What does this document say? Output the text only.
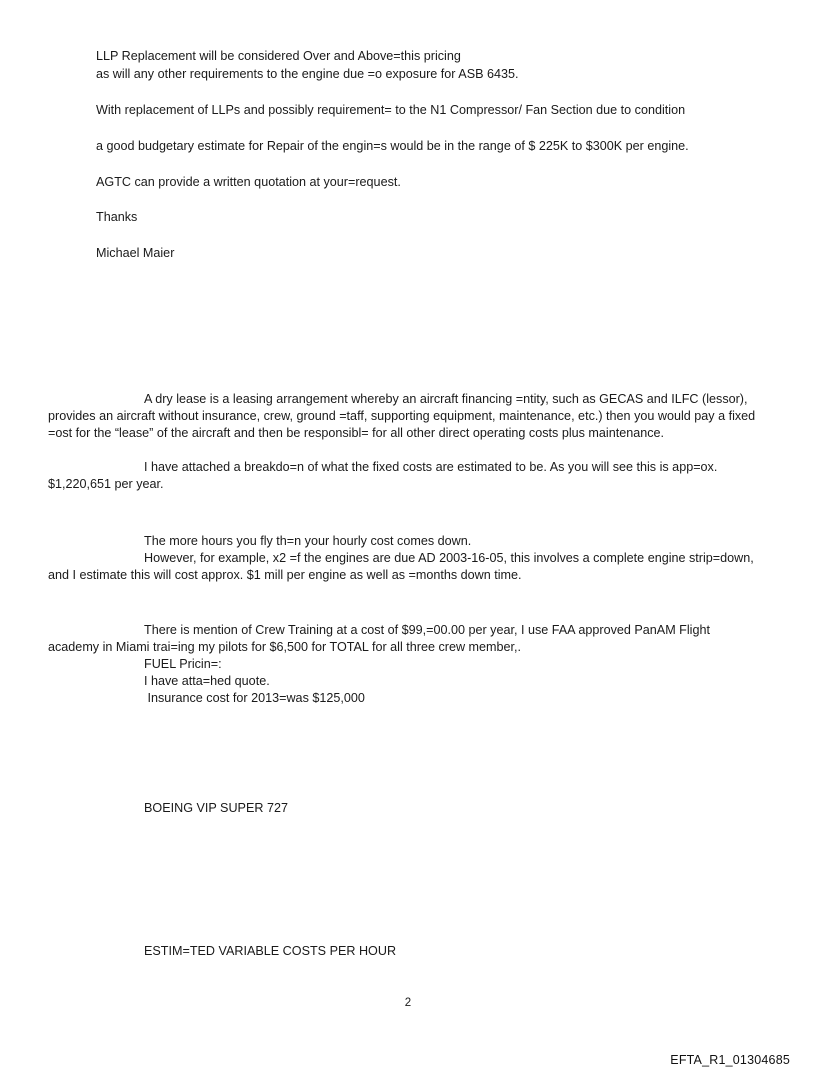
LLP Replacement will be considered Over and Above=this pricing
as will any other requirements to the engine due =o exposure for ASB 6435.
With replacement of LLPs and possibly requirement= to the N1 Compressor/ Fan Section due to condition
a good budgetary estimate for Repair of the engin=s would be in the range of $ 225K to $300K per engine.
AGTC can provide a written quotation at your=request.
Thanks
Michael Maier
A dry lease is a leasing arrangement whereby an aircraft financing =ntity, such as GECAS and ILFC (lessor), provides an aircraft without insurance, crew, ground =taff, supporting equipment, maintenance, etc.) then you would pay a fixed =ost for the “lease” of the aircraft and then be responsibl= for all other direct operating costs plus maintenance.
I have attached a breakdo=n of what the fixed costs are estimated to be. As you will see this is app=ox. $1,220,651 per year.
The more hours you fly th=n your hourly cost comes down.
However, for example, x2 =f the engines are due AD 2003-16-05, this involves a complete engine strip=down, and I estimate this will cost approx. $1 mill per engine as well as =months down time.
There is mention of Crew Training at a cost of $99,=00.00 per year, I use FAA approved PanAM Flight academy in Miami trai=ing my pilots for $6,500 for TOTAL for all three crew member,.
FUEL Pricin=:
I have atta=hed quote.
Insurance cost for 2013=was $125,000
BOEING VIP SUPER 727
ESTIM=TED VARIABLE COSTS PER HOUR
2
EFTA_R1_01304685
